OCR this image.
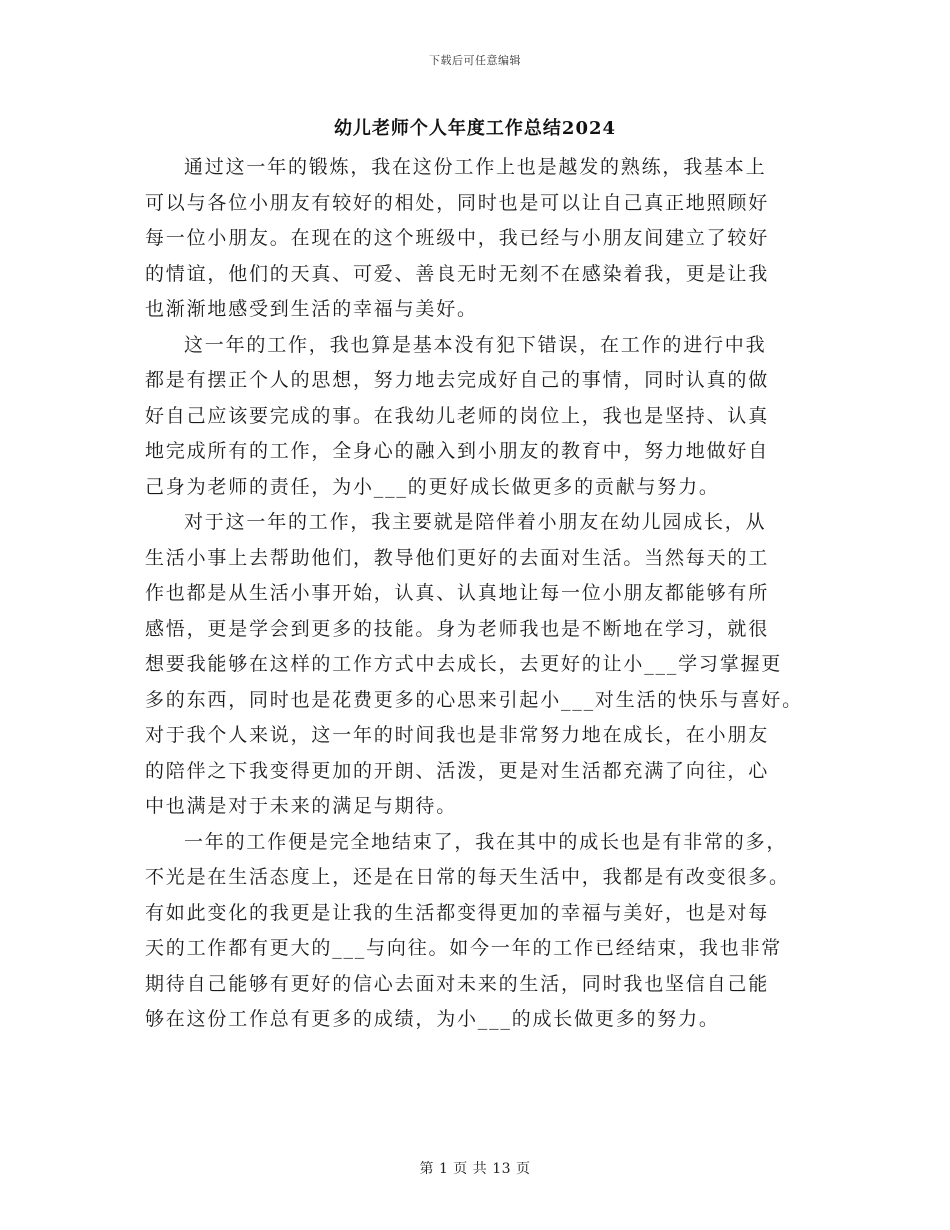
下载后可任意编辑
幼儿老师个人年度工作总结2024
通过这一年的锻炼，我在这份工作上也是越发的熟练，我基本上
可以与各位小朋友有较好的相处，同时也是可以让自己真正地照顾好
每一位小朋友。在现在的这个班级中，我已经与小朋友间建立了较好
的情谊，他们的天真、可爱、善良无时无刻不在感染着我，更是让我
也渐渐地感受到生活的幸福与美好。
这一年的工作，我也算是基本没有犯下错误，在工作的进行中我
都是有摆正个人的思想，努力地去完成好自己的事情，同时认真的做
好自己应该要完成的事。在我幼儿老师的岗位上，我也是坚持、认真
地完成所有的工作，全身心的融入到小朋友的教育中，努力地做好自
己身为老师的责任，为小___的更好成长做更多的贡献与努力。
对于这一年的工作，我主要就是陪伴着小朋友在幼儿园成长，从
生活小事上去帮助他们，教导他们更好的去面对生活。当然每天的工
作也都是从生活小事开始，认真、认真地让每一位小朋友都能够有所
感悟，更是学会到更多的技能。身为老师我也是不断地在学习，就很
想要我能够在这样的工作方式中去成长，去更好的让小___学习掌握更
多的东西，同时也是花费更多的心思来引起小___对生活的快乐与喜好。
对于我个人来说，这一年的时间我也是非常努力地在成长，在小朋友
的陪伴之下我变得更加的开朗、活泼，更是对生活都充满了向往，心
中也满是对于未来的满足与期待。
一年的工作便是完全地结束了，我在其中的成长也是有非常的多，
不光是在生活态度上，还是在日常的每天生活中，我都是有改变很多。
有如此变化的我更是让我的生活都变得更加的幸福与美好，也是对每
天的工作都有更大的___与向往。如今一年的工作已经结束，我也非常
期待自己能够有更好的信心去面对未来的生活，同时我也坚信自己能
够在这份工作总有更多的成绩，为小___的成长做更多的努力。
第 1 页 共 13 页
